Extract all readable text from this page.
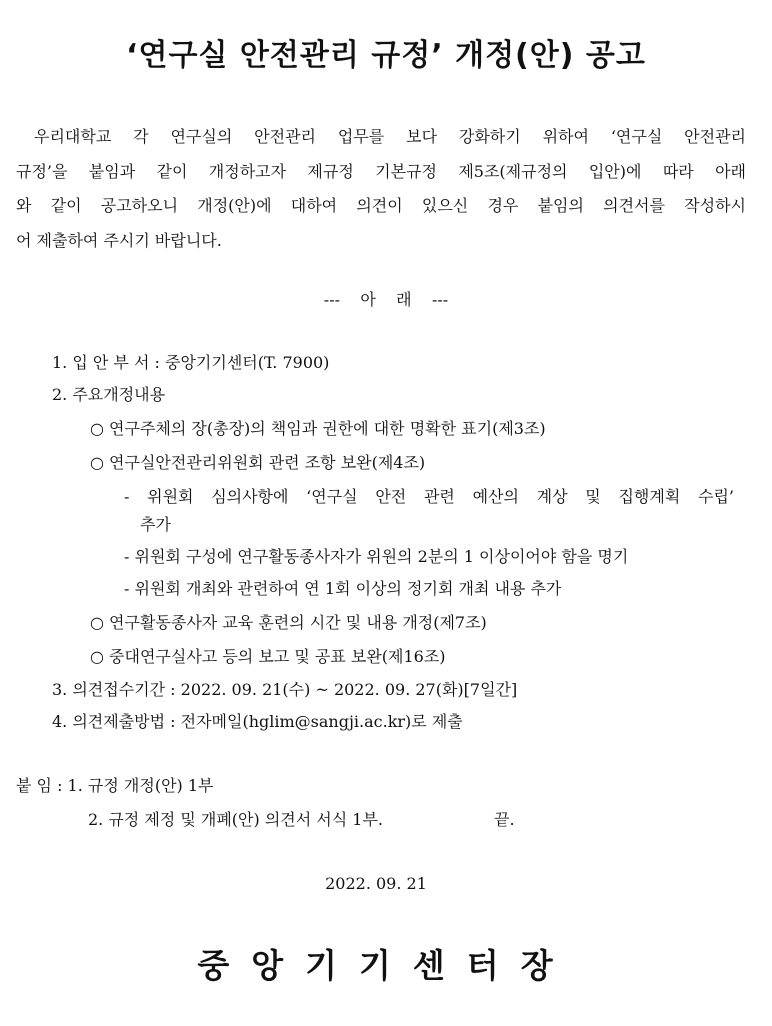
‘연구실 안전관리 규정’ 개정(안) 공고
우리대학교 각 연구실의 안전관리 업무를 보다 강화하기 위하여 ‘연구실 안전관리
규정’을 붙임과 같이 개정하고자 제규정 기본규정 제5조(제규정의 입안)에 따라 아래
와 같이 공고하오니 개정(안)에 대하여 의견이 있으신 경우 붙임의 의견서를 작성하시
어 제출하여 주시기 바랍니다.
---    아    래    ---
1. 입 안 부 서 : 중앙기기센터(T. 7900)
2. 주요개정내용
○ 연구주체의 장(총장)의 책임과 권한에 대한 명확한 표기(제3조)
○ 연구실안전관리위원회 관련 조항 보완(제4조)
- 위원회 심의사항에 ‘연구실 안전 관련 예산의 계상 및 집행계획 수립’
추가
- 위원회 구성에 연구활동종사자가 위원의 2분의 1 이상이어야 함을 명기
- 위원회 개최와 관련하여 연 1회 이상의 정기회 개최 내용 추가
○ 연구활동종사자 교육 훈련의 시간 및 내용 개정(제7조)
○ 중대연구실사고 등의 보고 및 공표 보완(제16조)
3. 의견접수기간 : 2022. 09. 21(수) ~ 2022. 09. 27(화)[7일간]
4. 의견제출방법 : 전자메일(hglim@sangji.ac.kr)로 제출
붙 임 : 1. 규정 개정(안) 1부
2. 규정 제정 및 개폐(안) 의견서 서식 1부.	끝.
2022. 09. 21
중앙기기센터장
